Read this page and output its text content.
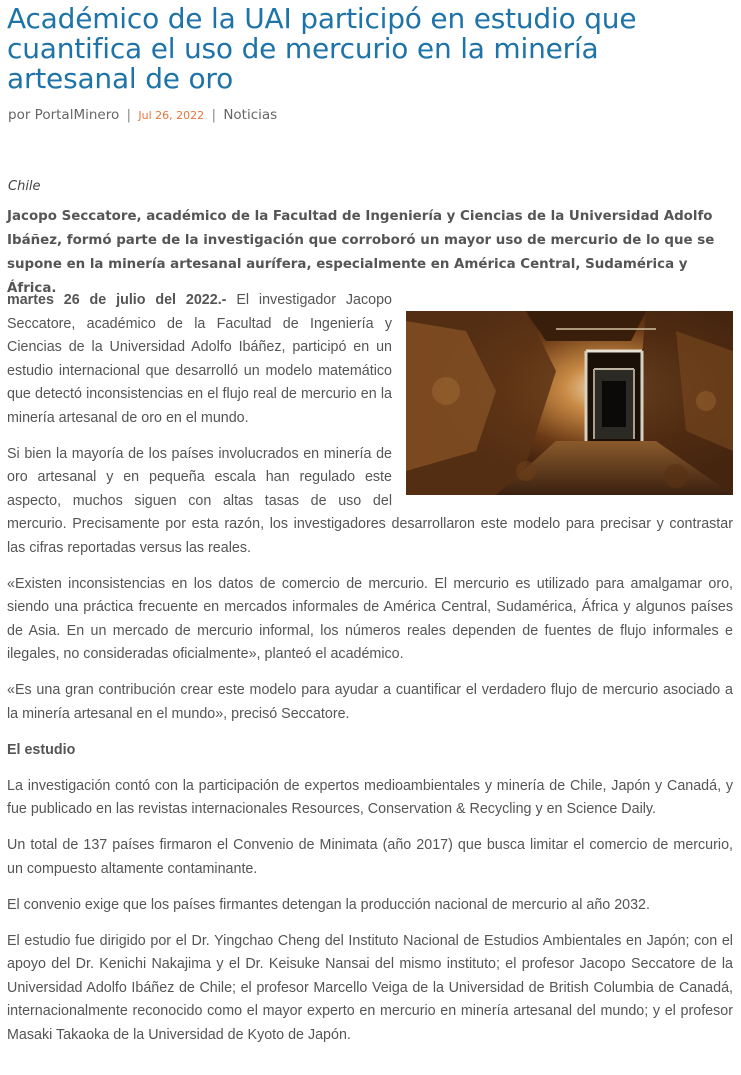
Académico de la UAI participó en estudio que cuantifica el uso de mercurio en la minería artesanal de oro
por PortalMinero | Jul 26, 2022 | Noticias
Chile

Jacopo Seccatore, académico de la Facultad de Ingeniería y Ciencias de la Universidad Adolfo Ibáñez, formó parte de la investigación que corroboró un mayor uso de mercurio de lo que se supone en la minería artesanal aurífera, especialmente en América Central, Sudamérica y África.

martes 26 de julio del 2022.- El investigador Jacopo Seccatore, académico de la Facultad de Ingeniería y Ciencias de la Universidad Adolfo Ibáñez, participó en un estudio internacional que desarrolló un modelo matemático que detectó inconsistencias en el flujo real de mercurio en la minería artesanal de oro en el mundo.

Si bien la mayoría de los países involucrados en minería de oro artesanal y en pequeña escala han regulado este aspecto, muchos siguen con altas tasas de uso del mercurio. Precisamente por esta razón, los investigadores desarrollaron este modelo para precisar y contrastar las cifras reportadas versus las reales.

«Existen inconsistencias en los datos de comercio de mercurio. El mercurio es utilizado para amalgamar oro, siendo una práctica frecuente en mercados informales de América Central, Sudamérica, África y algunos países de Asia. En un mercado de mercurio informal, los números reales dependen de fuentes de flujo informales e ilegales, no consideradas oficialmente», planteó el académico.

«Es una gran contribución crear este modelo para ayudar a cuantificar el verdadero flujo de mercurio asociado a la minería artesanal en el mundo», precisó Seccatore.

El estudio

La investigación contó con la participación de expertos medioambientales y minería de Chile, Japón y Canadá, y fue publicado en las revistas internacionales Resources, Conservation & Recycling y en Science Daily.

Un total de 137 países firmaron el Convenio de Minimata (año 2017) que busca limitar el comercio de mercurio, un compuesto altamente contaminante.

El convenio exige que los países firmantes detengan la producción nacional de mercurio al año 2032.

El estudio fue dirigido por el Dr. Yingchao Cheng del Instituto Nacional de Estudios Ambientales en Japón; con el apoyo del Dr. Kenichi Nakajima y el Dr. Keisuke Nansai del mismo instituto; el profesor Jacopo Seccatore de la Universidad Adolfo Ibáñez de Chile; el profesor Marcello Veiga de la Universidad de British Columbia de Canadá, internacionalmente reconocido como el mayor experto en mercurio en minería artesanal del mundo; y el profesor Masaki Takaoka de la Universidad de Kyoto de Japón.
